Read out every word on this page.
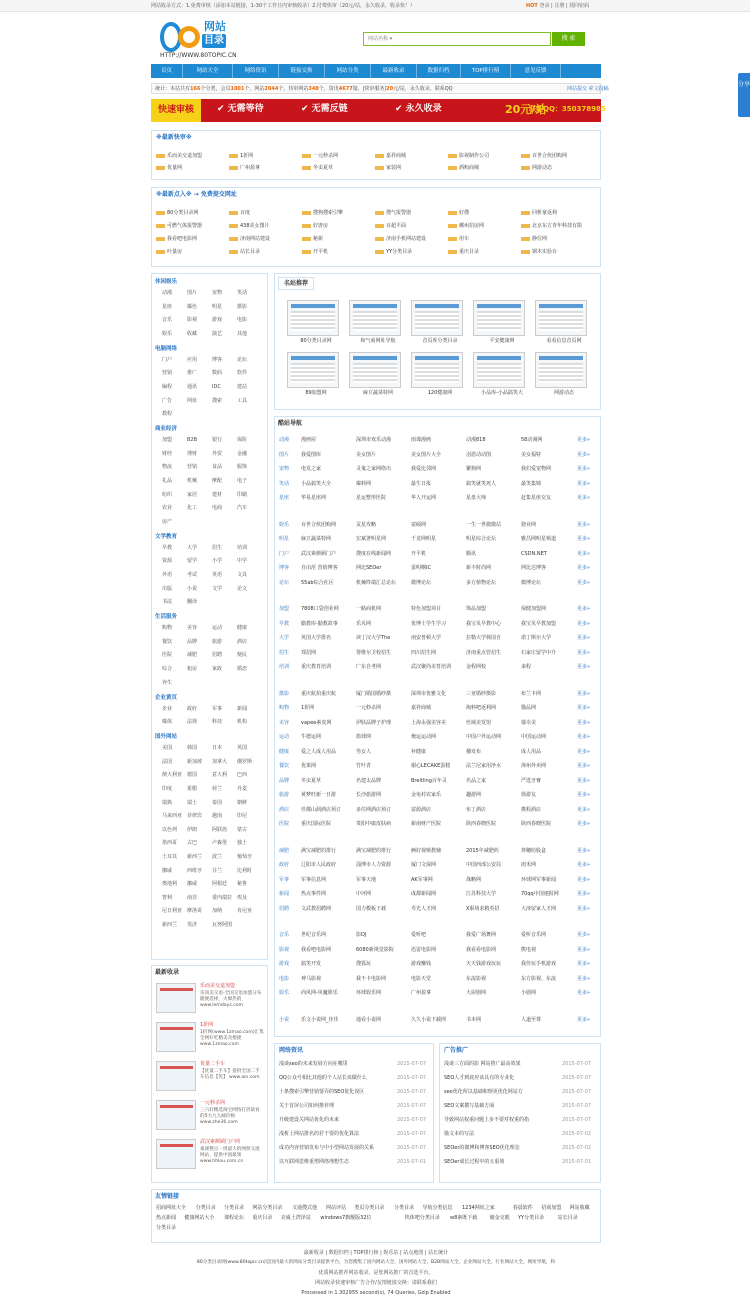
网站收录方式：1.免费审核（添加本站链接，1-30个工作日内审核收录）2.付费快审（20元/站，永久收录，收录快！）	HOT 登录 | 注册 | 找回密码
网站
目录
HTTP://WWW.80TOPIC.CN
网站名称 ▾
搜 索
首页	网站大全	网络资讯	链接交换	网站分类	最新收录	数据归档	TOP排行榜	意见反馈
统计：本站共有166个分类，会员1001个，网站2044个，待审网站348个，资讯4677篇，|快审服务|20元/站，永久收录，联系QQ	网站提交 索文投稿
快速审核	✔ 无需等待	✔ 无需反链	✔ 永久收录	20元/站
联系QQ：350378985
※最新快审※
乐而美交退加盟	1折网	一元秒杀网	嘉祥商城	影视制作公司	百世合伙团购网
优量网	广州盈拿	冬虫夏草	家装网	酒购商城	网游动态
※最新点入※ → 免费提交网址
80分类目录网	百度	搜狗搜索引擎	搜气报警器	好搜	同析童返利
可燃气体报警器	438美女图片	好唐房	百超平面	郴州招房网	北京东方青年科技有限
我看吧电影网	济南网站建设	秘新	济南手机网站建设	用车	静位网
叶量房	站长目录	开平机	YY分类目录	重庆目录	钢木实验台
休闲娱乐
动漫	图片	宠物	笑话
星座	爆色	明星	摄影
音乐	影视	游戏	电影
娱乐	收藏	演艺	其他
电脑网络
门户	应用	博客	论坛
营销	推广	数码	软件
编程	通讯	IDC	建站
广告	网址	搜索	工具
教程
商业经济
加盟	B2B	银行	保险
财经	理财	外贸	金融
物流	营销	食品	服饰
礼品	机械	摩配	电子
纺织	家居	建材	印刷
农业	化工	电商	汽车
房产
文学教育
早教	大学	招生	培训
资源	留学	小学	中学
外语	考试	英语	文具
出版	小说	文学	论文
书法	翻译
生活服务
购物	美容	运动	健康
餐饮	品牌	旅游	酒店
医院	减肥	招聘	便民
综合	租房	家政	婚恋
养生
企业黄页
企业	政府	军事	新闻
媒体	法规	科技	机构
国外网站
美国	韩国	日本	英国
法国	新加坡 加拿大 俄罗斯
澳大利亚 德国	意大利 巴西
印度	希腊	荷兰	丹麦
瑞典	瑞士	泰国	朝鲜
马来西亚 菲律宾 越南	印尼
以色列 伊朗	阿联酋 蒙古
墨西哥 古巴	卢森堡 独士
土耳其 新西兰 波兰	葡萄牙
挪威	西班牙 芬兰	比利时
奥地利 挪威	阿根廷 秘鲁
智利	南非	委内瑞拉 埃及
尼日利亚 摩洛哥 加纳	肯尼亚
新西兰 斐济	瓦努阿图
最新收录
乐而美交退加盟
乐而美交退-全国交退加盟分布随便选择，火爆热销 www.lemdays.com
1折网
1折网(www.1zmao.com)汇集全网好吃精美及便捷 www.1zmao.com
优量二手车
【优量二手车】提供全国二手车信息【优】 www.ain.com
一元秒杀网
三六轩精选淘宝网络打折最看的5大九九邮价格 www.zhe36.com
武汉素颜顾门户网
素颜整点一周最大的网照交流网站，提供中国最领 www.hhlou.com.cn
名站推荐
80分类目录网	和气商网址导航	首页库分类目录	平安健康网	看看信息首页网
89加盟网	麻豆蔬菜特网	120健康网	小品库-小品搞笑大	网游动态
酷站导航
动漫 漫画屋	深圳市欢乐动漫	雨课漫画	动漫818	58动漫网	更多»
图片 我爱图库	美女图片	美女图片大全	羽恩动动图	美女福特	更多»
宠物 电发之家	灵鬼之家网络出	我爱比邻网	繁狗网	我们爱宠物网	更多»
笑话 小品搞笑大全	爆料网	最生日报	搞笑就笑死人	最笑集锦	更多»
星座 华易星座网	星运整形医院	华人开运网	星盘大师	赶集星座交友	更多»
娱乐 百世合伙团购网	贡星攻略	富硕网	一生一世微微站	骁业网	更多»
明星 麻豆蔬菜特网	宏斌著明星网	千龙网明星	明星综合论坛	雅昌网明星频道	更多»
门户 武汉素颜顾门户	搜度在线新闻网	开平机	腾讯	CSDN.NET	更多»
博客 自由范 营销博客	网比SEOer	蛋明曙IC	新丰时尚网	网比达博客	更多»
论坛 55ab综合社区	机械终端汇总论坛	微博论坛	多方植物论坛	微博论坛	更多»
加盟 7808口袋创业网	一路商机网	特色加盟项目	饰品加盟	保健加盟网	更多»
早教 勤教库-勤教故事	乐贝网	优博士学生学习	我宝贝早教中心	我宝贝早教加盟	更多»
大学 英国大学排名	读丁汉大学The	南安普顿大学	拉勒大学韩国自	诺丁斯尔大学	更多»
招生 郑招网	帮维尔卫校招生	四川招生网	济南重点管招生	石家庄留学中介	更多»
培训 重庆教育培训	广东自考网	武汉聚尚美育培训	金程网校	来程	更多»
摄影 重庆航拍重庆航	厦门婚国婚纱摄	深圳市优雅文化	三亚婚纱摄影	布兰卡网	更多»
购物 1折网	一元秒杀网	嘉祥商城	淘料吧返利网	猫品网	更多»
美容 vapee素皮网	伊肤品牌子护理	上海永强美容美	丝域美发馆	郁幸美	更多»
运动 牛德运网	篮球网	俺运运动网	中国户外运动网	中国运动网	更多»
健康 爱之人成人用品	男女人	补健康	播发布	成人用品	更多»
餐饮 优果网	竹叶青	谢心LECAKE蛋糕	法兰尼家用净水	漳州外卖网	更多»
品牌 冬虫夏草	名建太品牌	Breitling百年灵	名品之家	严选牙膏	更多»
旅游 黄梦旺新一日游	长沙旅游网	金龟村农家乐	趣游网	徐游友	更多»
酒店 佳都山洞酒店预订	多住网酒店预订	富源酒店	布丁酒店	携程酒店	更多»
医院 重庆国际医院	贵阳中康皮肤病	新南财产医院	陕西春晓医院	陕西春晓医院	更多»
减肥 满宝减肥的排行	满宝减肥的排行	俩好视频教辅	2015年减肥药	葬穗纺股盒	更多»
政府 辽阳市人民政府	淄博市人力资源	厦门文保网	中国西部公安局	雨禾网	更多»
军事 军事信息网	军事天地	AK军事网	战略网	环球网军事新闻	更多»
新闻 热点事件网	中评网	成都新闻网	江苏科技大学	70qq中国速报网	更多»
招聘 文武教招聘网	国力模板下载	寿光人才网	X职场求精英招	大淳留家人才网	更多»
音乐 世纪音乐网	影DJ	爱听吧	我爱广场舞网	爱听音乐网	更多»
影视 我看吧电影网	6080新视觉影院	迅雷电影网	我看看电影网	熊电视	更多»
游戏 搞笑开发	搜狐玩	游戏赚钱	天天钱游戏玩玩	我佳玩手机游戏	更多»
电影 神马影视	我不卡电影网	电影天堂	东流影视	东方影视、东流	更多»
娱乐 尚风网-风魔娱乐	环球娱乐网	广州盈拿	大屋剧网	小剧网	更多»
小说 乐文小说网_佳佳	通看小说网	久久小说下载网	书本网	人道至尊	更多»
网络资讯
浅谈seo的未来发展方向在哪里	2015-07-07
QQ公众号相比其他的个人站长该做什么	2015-07-07
十条搜索引擎营销要弄的SEO优化误区	2015-07-07
关于首屏公司如何推荐理	2015-07-07
升级建设关网站优化的未来	2015-07-07
浅析上网站排名的若干要的优化算法	2015-07-07
成功内容营销发布与中小型网站发展的关系	2015-07-07
以互联网思维重塑网络理想生态	2015-07-01
广告推广
浅谈三方面的影 网站推广最高效果	2015-07-07
SEO人才到底应该具有的专业化	2015-07-07
seo优化所以基础和理更优化网站方	2015-07-07
SEO文案撰写基础方面	2015-07-07
导致网站权重问题上步不要对权重的指	2015-07-07
锚文本的写法	2015-07-02
SEOer的微博和博客SEO优化理念	2015-07-02
SEOer成长过程中的五重境	2015-07-01
友情链接
招商网址大全 分类目录 分类目录 网站分类目录 文通搜式他 网站评估 类页分类目录 分类目录 导航分类信息 1234网址之家	春晨软件 招商加盟 网站收藏
热点新闻 健康网站大全 课程论坛 重庆目录 亮威土湾泽站 windows7旗舰版32位	快体吧分类目录 w8素既下载 储金交眼 YY分类目录	站长目录
分类目录
最新收录 | 数据归档 | TOP排行榜 | 娱乐站 | 站点地图 | 站长统计
80分类目录网(www.80topic.cn)是国内最大的网站分类目录提供平台，为您搜集了国内网站大全，国外网站大全，B2B网站大全，企业网站大全，行业网站大全，网址导航，和
优质网站推荐网站收录，是您网站推广的首选平台。
网站收录快速审核广告合作/友情链接交换：请联系我们
Processed in 1.302955 second(s), 74 Queries, Gzip Enabled
分享
